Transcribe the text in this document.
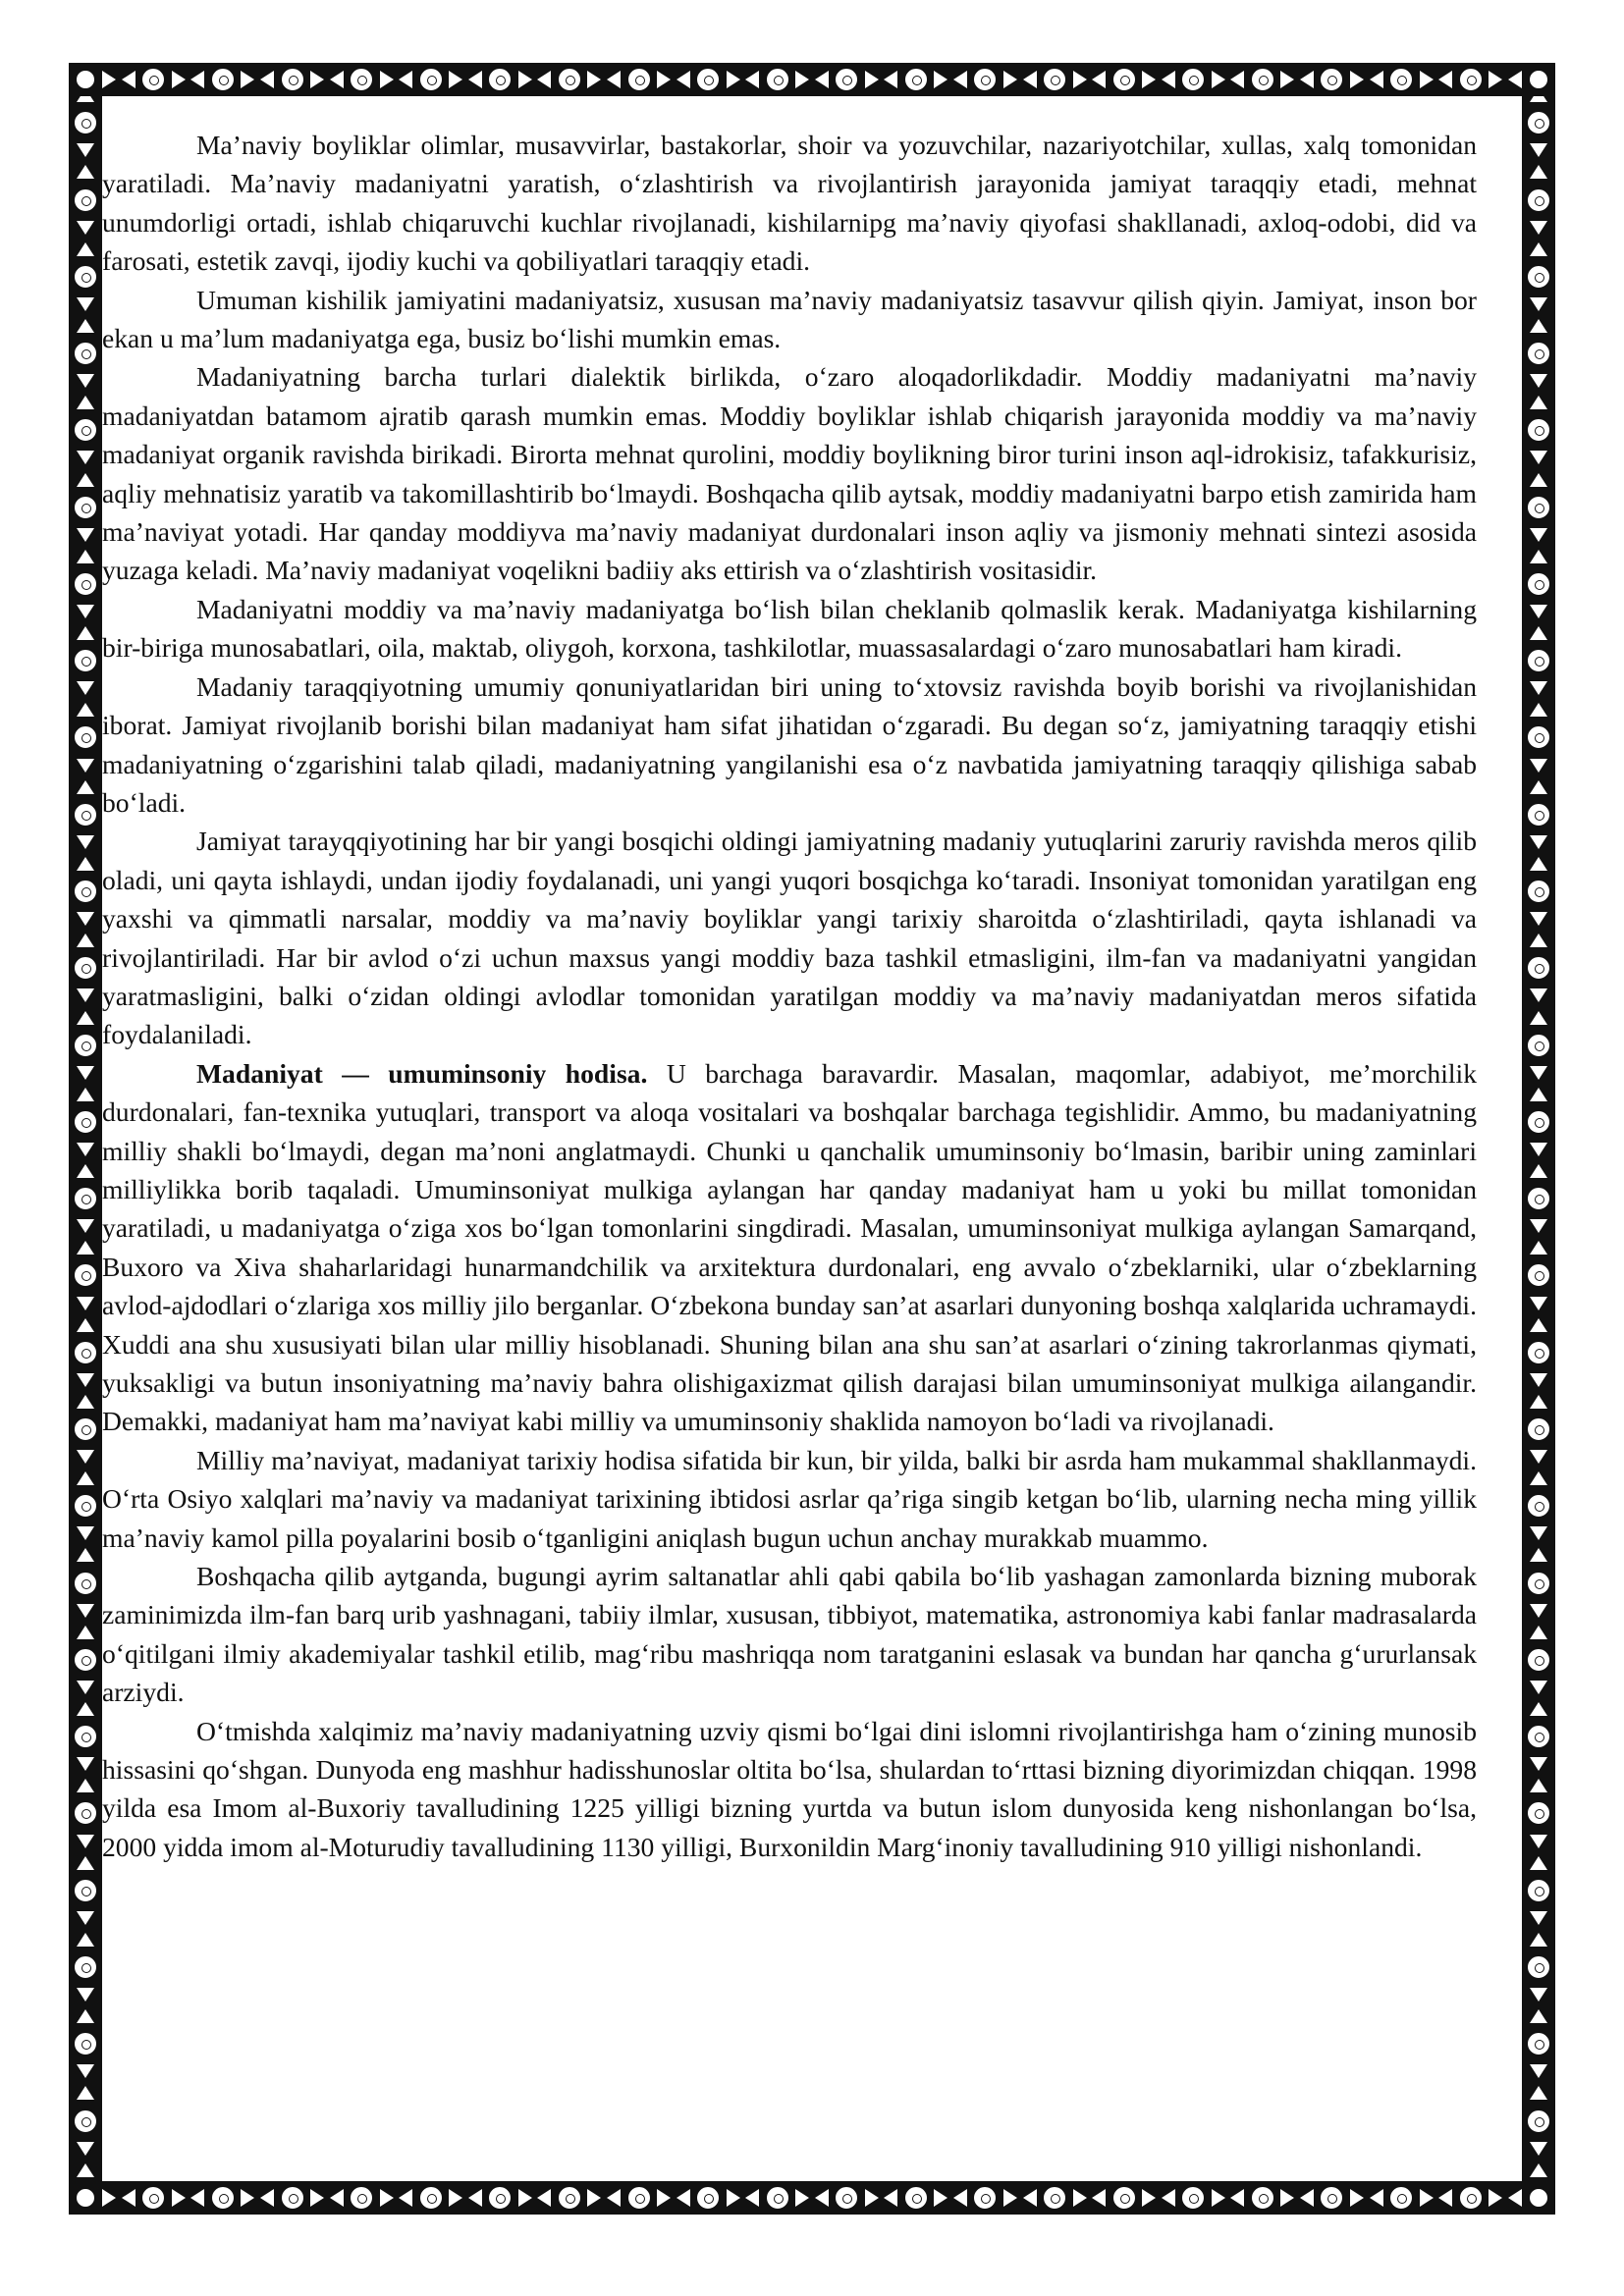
Ma’naviy boyliklar olimlar, musavvirlar, bastakorlar, shoir va yozuvchilar, nazariyotchilar, xullas, xalq tomonidan yaratiladi. Ma’naviy madaniyatni yaratish, o‘zlashtirish va rivojlantirish jarayonida jamiyat taraqqiy etadi, mehnat unumdorligi ortadi, ishlab chiqaruvchi kuchlar rivojlanadi, kishilarnipg ma’naviy qiyofasi shakllanadi, axloq-odobi, did va farosati, estetik zavqi, ijodiy kuchi va qobiliyatlari taraqqiy etadi.

Umuman kishilik jamiyatini madaniyatsiz, xususan ma’naviy madaniyatsiz tasavvur qilish qiyin. Jamiyat, inson bor ekan u ma’lum madaniyatga ega, busiz bo‘lishi mumkin emas.

Madaniyatning barcha turlari dialektik birlikda, o‘zaro aloqadorlikdadir. Moddiy madaniyatni ma’naviy madaniyatdan batamom ajratib qarash mumkin emas. Moddiy boyliklar ishlab chiqarish jarayonida moddiy va ma’naviy madaniyat organik ravishda birikadi. Birorta mehnat qurolini, moddiy boylikning biror turini inson aql-idrokisiz, tafakkurisiz, aqliy mehnatisiz yaratib va takomillashtirib bo‘lmaydi. Boshqacha qilib aytsak, moddiy madaniyatni barpo etish zamirida ham ma’naviyat yotadi. Har qanday moddiyva ma’naviy madaniyat durdonalari inson aqliy va jismoniy mehnati sintezi asosida yuzaga keladi. Ma’naviy madaniyat voqelikni badiiy aks ettirish va o‘zlashtirish vositasidir.

Madaniyatni moddiy va ma’naviy madaniyatga bo‘lish bilan cheklanib qolmaslik kerak. Madaniyatga kishilarning bir-biriga munosabatlari, oila, maktab, oliygoh, korxona, tashkilotlar, muassasalardagi o‘zaro munosabatlari ham kiradi.

Madaniy taraqqiyotning umumiy qonuniyatlaridan biri uning to‘xtovsiz ravishda boyib borishi va rivojlanishidan iborat. Jamiyat rivojlanib borishi bilan madaniyat ham sifat jihatidan o‘zgaradi. Bu degan so‘z, jamiyatning taraqqiy etishi madaniyatning o‘zgarishini talab qiladi, madaniyatning yangilanishi esa o‘z navbatida jamiyatning taraqqiy qilishiga sabab bo‘ladi.

Jamiyat tarayqqiyotining har bir yangi bosqichi oldingi jamiyatning madaniy yutuqlarini zaruriy ravishda meros qilib oladi, uni qayta ishlaydi, undan ijodiy foydalanadi, uni yangi yuqori bosqichga ko‘taradi. Insoniyat tomonidan yaratilgan eng yaxshi va qimmatli narsalar, moddiy va ma’naviy boyliklar yangi tarixiy sharoitda o‘zlashtiriladi, qayta ishlanadi va rivojlantiriladi. Har bir avlod o‘zi uchun maxsus yangi moddiy baza tashkil etmasligini, ilm-fan va madaniyatni yangidan yaratmasligini, balki o‘zidan oldingi avlodlar tomonidan yaratilgan moddiy va ma’naviy madaniyatdan meros sifatida foydalaniladi.

Madaniyat — umuminsoniy hodisa. U barchaga baravardir. Masalan, maqomlar, adabiyot, me’morchilik durdonalari, fan-texnika yutuqlari, transport va aloqa vositalari va boshqalar barchaga tegishlidir. Ammo, bu madaniyatning milliy shakli bo‘lmaydi, degan ma’noni anglatmaydi. Chunki u qanchalik umuminsoniy bo‘lmasin, baribir uning zaminlari milliylikka borib taqaladi. Umuminsoniyat mulkiga aylangan har qanday madaniyat ham u yoki bu millat tomonidan yaratiladi, u madaniyatga o‘ziga xos bo‘lgan tomonlarini singdiradi. Masalan, umuminsoniyat mulkiga aylangan Samarqand, Buxoro va Xiva shaharlaridagi hunarmandchilik va arxitektura durdonalari, eng avvalo o‘zbeklarniki, ular o‘zbeklarning avlod-ajdodlari o‘zlariga xos milliy jilo berganlar. O‘zbekona bunday san’at asarlari dunyoning boshqa xalqlarida uchramaydi. Xuddi ana shu xususiyati bilan ular milliy hisoblanadi. Shuning bilan ana shu san’at asarlari o‘zining takrorlanmas qiymati, yuksakligi va butun insoniyatning ma’naviy bahra olishigaxizmat qilish darajasi bilan umuminsoniyat mulkiga ailangandir. Demakki, madaniyat ham ma’naviyat kabi milliy va umuminsoniy shaklida namoyon bo‘ladi va rivojlanadi.

Milliy ma’naviyat, madaniyat tarixiy hodisa sifatida bir kun, bir yilda, balki bir asrda ham mukammal shakllanmaydi. O‘rta Osiyo xalqlari ma’naviy va madaniyat tarixining ibtidosi asrlar qa’riga singib ketgan bo‘lib, ularning necha ming yillik ma’naviy kamol pilla poyalarini bosib o‘tganligini aniqlash bugun uchun anchay murakkab muammo.

Boshqacha qilib aytganda, bugungi ayrim saltanatlar ahli qabi qabila bo‘lib yashagan zamonlarda bizning muborak zaminimizda ilm-fan barq urib yashnagani, tabiiy ilmlar, xususan, tibbiyot, matematika, astronomiya kabi fanlar madrasalarda o‘qitilgani ilmiy akademiyalar tashkil etilib, mag‘ribu mashriqqa nom taratganini eslasak va bundan har qancha g‘ururlansak arziydi.

O‘tmishda xalqimiz ma’naviy madaniyatning uzviy qismi bo‘lgai dini islomni rivojlantirishga ham o‘zining munosib hissasini qo‘shgan. Dunyoda eng mashhur hadisshunoslar oltita bo‘lsa, shulardan to‘rttasi bizning diyorimizdan chiqqan. 1998 yilda esa Imom al-Buxoriy tavalludining 1225 yilligi bizning yurtda va butun islom dunyosida keng nishonlangan bo‘lsa, 2000 yidda imom al-Moturudiy tavalludining 1130 yilligi, Burxonildin Marg‘inoniy tavalludining 910 yilligi nishonlandi.
